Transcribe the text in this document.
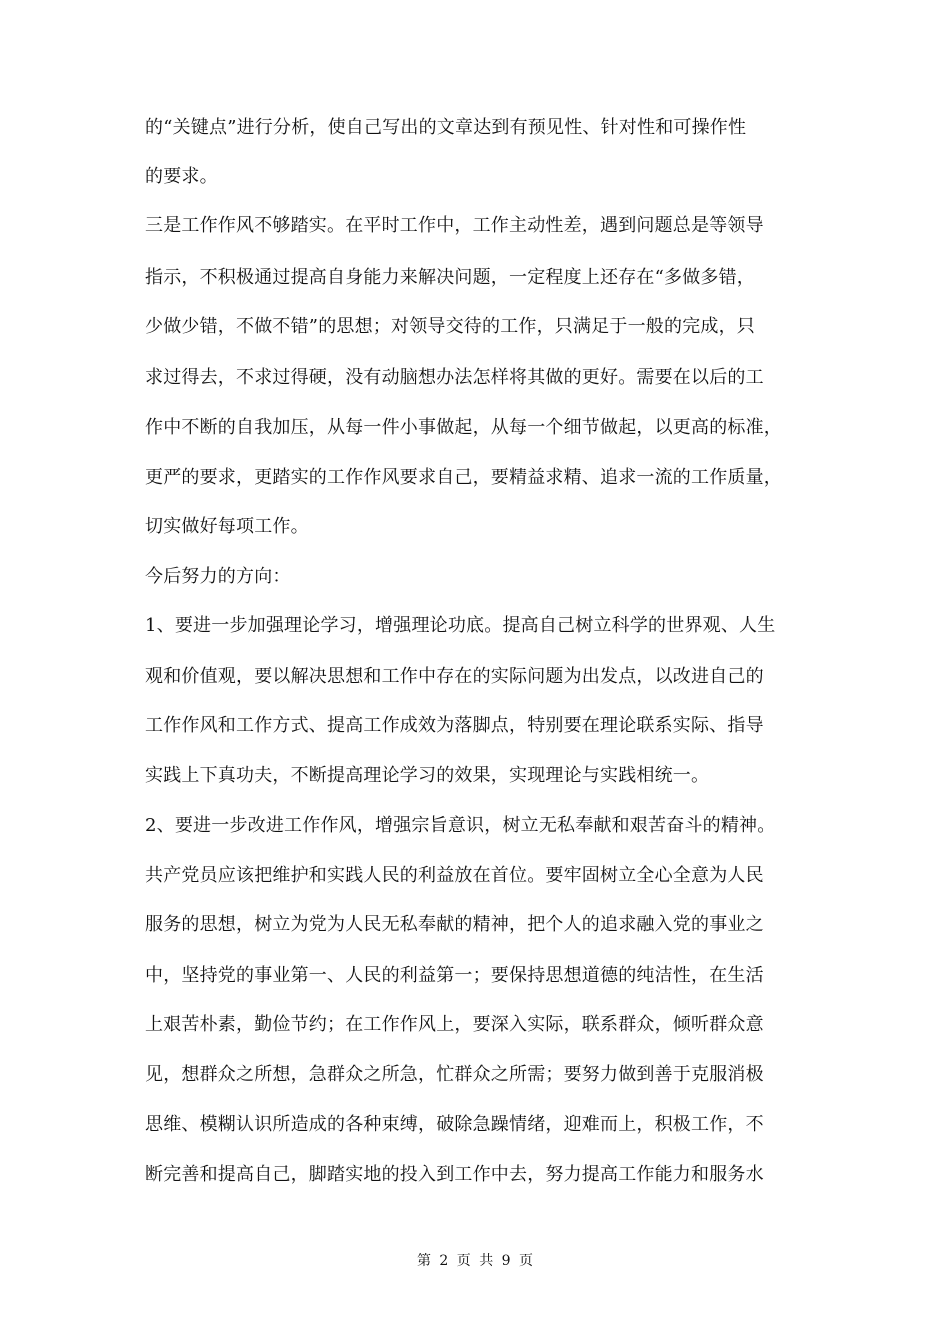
的“关键点”进行分析，使自己写出的文章达到有预见性、针对性和可操作性
的要求。
三是工作作风不够踏实。在平时工作中，工作主动性差，遇到问题总是等领导
指示，不积极通过提高自身能力来解决问题，一定程度上还存在“多做多错，
少做少错，不做不错”的思想；对领导交待的工作，只满足于一般的完成，只
求过得去，不求过得硬，没有动脑想办法怎样将其做的更好。需要在以后的工
作中不断的自我加压，从每一件小事做起，从每一个细节做起，以更高的标准，
更严的要求，更踏实的工作作风要求自己，要精益求精、追求一流的工作质量，
切实做好每项工作。
今后努力的方向：
1、要进一步加强理论学习，增强理论功底。提高自己树立科学的世界观、人生
观和价值观，要以解决思想和工作中存在的实际问题为出发点，以改进自己的
工作作风和工作方式、提高工作成效为落脚点，特别要在理论联系实际、指导
实践上下真功夫，不断提高理论学习的效果，实现理论与实践相统一。
2、要进一步改进工作作风，增强宗旨意识，树立无私奉献和艰苦奋斗的精神。
共产党员应该把维护和实践人民的利益放在首位。要牢固树立全心全意为人民
服务的思想，树立为党为人民无私奉献的精神，把个人的追求融入党的事业之
中，坚持党的事业第一、人民的利益第一；要保持思想道德的纯洁性，在生活
上艰苦朴素，勤俭节约；在工作作风上，要深入实际，联系群众，倾听群众意
见，想群众之所想，急群众之所急，忙群众之所需；要努力做到善于克服消极
思维、模糊认识所造成的各种束缚，破除急躁情绪，迎难而上，积极工作，不
断完善和提高自己，脚踏实地的投入到工作中去，努力提高工作能力和服务水
第 2 页 共 9 页
